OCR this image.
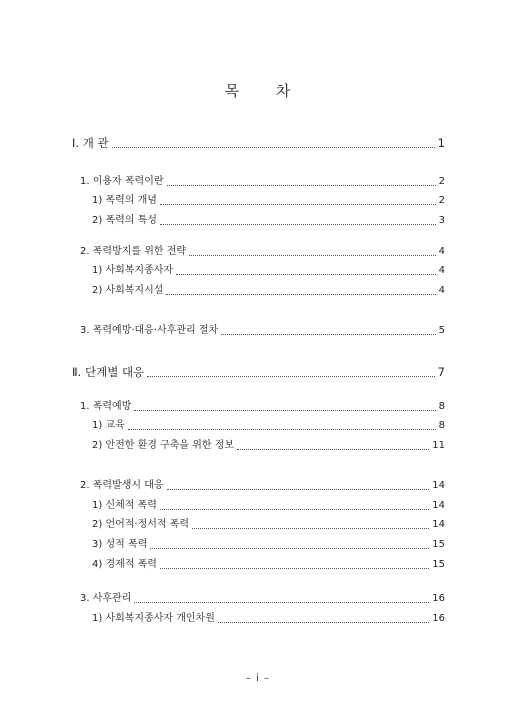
목 차
Ⅰ. 개 관	1
1. 이용자 폭력이란	2
1) 폭력의 개념	2
2) 폭력의 특성	3
2. 폭력방지를 위한 전략	4
1) 사회복지종사자	4
2) 사회복지시설	4
3. 폭력예방·대응·사후관리 절차	5
Ⅱ. 단계별 대응	7
1. 폭력예방	8
1) 교육	8
2) 안전한 환경 구축을 위한 정보	11
2. 폭력발생시 대응	14
1) 신체적 폭력	14
2) 언어적·정서적 폭력	14
3) 성적 폭력	15
4) 경제적 폭력	15
3. 사후관리	16
1) 사회복지종사자 개인차원	16
– i –
